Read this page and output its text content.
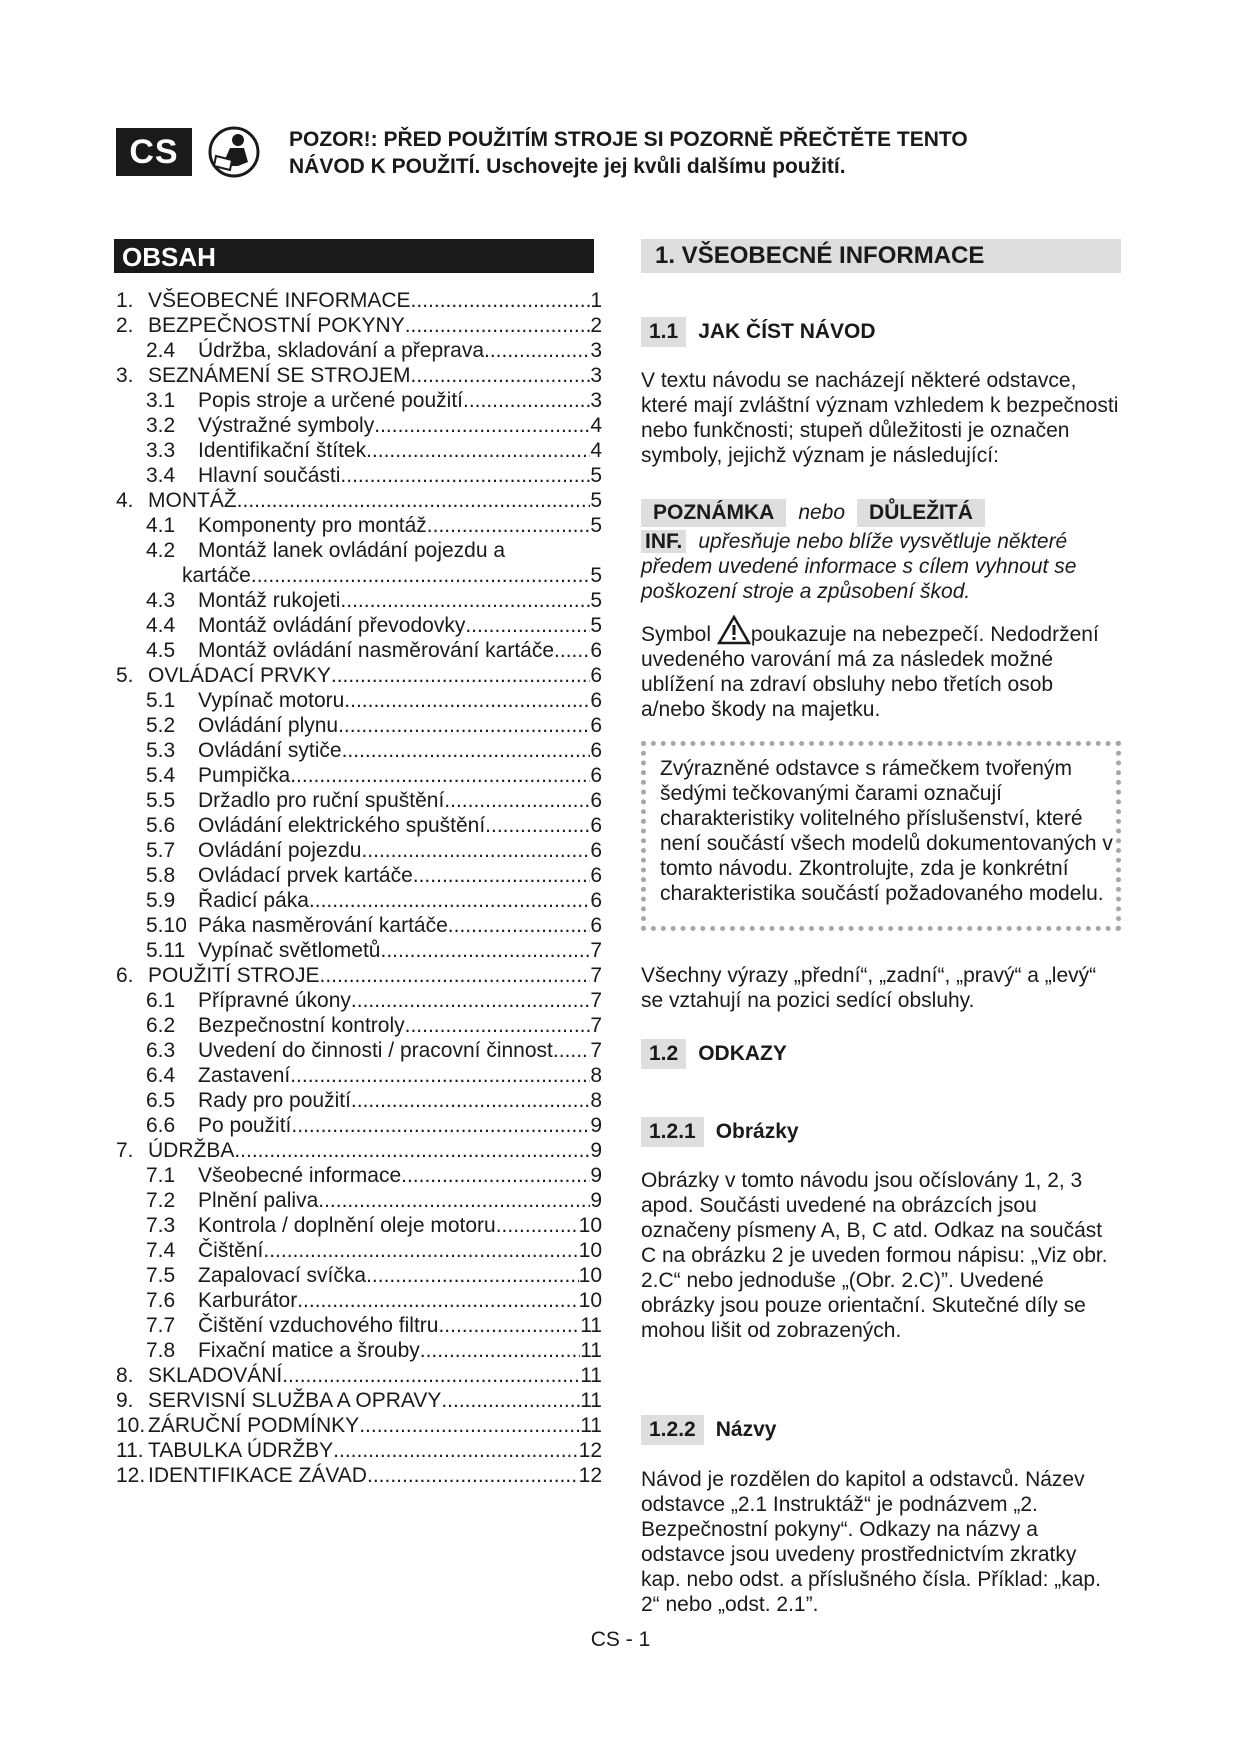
CS	POZOR!: PŘED POUŽITÍM STROJE SI POZORNĚ PŘEČTĚTE TENTO
NÁVOD K POUŽITÍ. Uschovejte jej kvůli dalšímu použití.
OBSAH
1. VŠEOBECNÉ INFORMACE .....	1
2. BEZPEČNOSTNÍ POKYNY .....	2
2.4	Údržba, skladování a přeprava .....	3
3. SEZNÁMENÍ SE STROJEM .....	3
3.1	Popis stroje a určené použití .....	3
3.2	Výstražné symboly .....	4
3.3	Identifikační štítek .....	4
3.4	Hlavní součásti .....	5
4. MONTÁŽ .....	5
4.1	Komponenty pro montáž .....	5
4.2	Montáž lanek ovládání pojezdu a
kartáče .....	5
4.3	Montáž rukojeti .....	5
4.4	Montáž ovládání převodovky .....	5
4.5	Montáž ovládání nasměrování kartáče ..... 6
5. OVLÁDACÍ PRVKY .....	6
5.1	Vypínač motoru .....	6
5.2	Ovládání plynu .....	6
5.3	Ovládání sytiče .....	6
5.4	Pumpička .....	6
5.5	Držadlo pro ruční spuštění .....	6
5.6	Ovládání elektrického spuštění .....	6
5.7	Ovládání pojezdu .....	6
5.8	Ovládací prvek kartáče .....	6
5.9	Řadicí páka .....	6
5.10 Páka nasměrování kartáče .....	6
5.11 Vypínač světlometů .....	7
6. POUŽITÍ STROJE .....	7
6.1	Přípravné úkony .....	7
6.2	Bezpečnostní kontroly .....	7
6.3	Uvedení do činnosti / pracovní činnost ..... 7
6.4	Zastavení .....	8
6.5	Rady pro použití .....	8
6.6	Po použití .....	9
7. ÚDRŽBA .....	9
7.1	Všeobecné informace .....	9
7.2	Plnění paliva .....	9
7.3	Kontrola / doplnění oleje motoru .....	10
7.4	Čištění .....	10
7.5	Zapalovací svíčka .....	10
7.6	Karburátor .....	10
7.7	Čištění vzduchového filtru .....	11
7.8	Fixační matice a šrouby .....	11
8. SKLADOVÁNÍ .....	11
9. SERVISNÍ SLUŽBA A OPRAVY .....	11
10. ZÁRUČNÍ PODMÍNKY .....	11
11. TABULKA ÚDRŽBY .....	12
12. IDENTIFIKACE ZÁVAD .....	12
1. VŠEOBECNÉ INFORMACE
1.1 JAK ČÍST NÁVOD
V textu návodu se nacházejí některé odstavce, které mají zvláštní význam vzhledem k bezpečnosti nebo funkčnosti; stupeň důležitosti je označen symboly, jejichž význam je následující:
POZNÁMKA	nebo	DŮLEŽITÁ
INF. upřesňuje nebo blíže vysvětluje některé předem uvedené informace s cílem vyhnout se poškození stroje a způsobení škod.
Symbol poukazuje na nebezpečí. Nedodržení uvedeného varování má za následek možné ublížení na zdraví obsluhy nebo třetích osob a/nebo škody na majetku.
Zvýrazněné odstavce s rámečkem tvořeným šedými tečkovanými čarami označují charakteristiky volitelného příslušenství, které není součástí všech modelů dokumentovaných v tomto návodu. Zkontrolujte, zda je konkrétní charakteristika součástí požadovaného modelu.
Všechny výrazy „přední“, „zadní“, „pravý“ a „levý“ se vztahují na pozici sedící obsluhy.
1.2 ODKAZY
1.2.1 Obrázky
Obrázky v tomto návodu jsou očíslovány 1, 2, 3 apod. Součásti uvedené na obrázcích jsou označeny písmeny A, B, C atd. Odkaz na součást C na obrázku 2 je uveden formou nápisu: „Viz obr. 2.C“ nebo jednoduše „(Obr. 2.C)”. Uvedené obrázky jsou pouze orientační. Skutečné díly se mohou lišit od zobrazených.
1.2.2 Názvy
Návod je rozdělen do kapitol a odstavců. Název odstavce „2.1 Instruktáž“ je podnázvem „2. Bezpečnostní pokyny“. Odkazy na názvy a odstavce jsou uvedeny prostřednictvím zkratky kap. nebo odst. a příslušného čísla. Příklad: „kap. 2“ nebo „odst. 2.1”.
CS - 1
